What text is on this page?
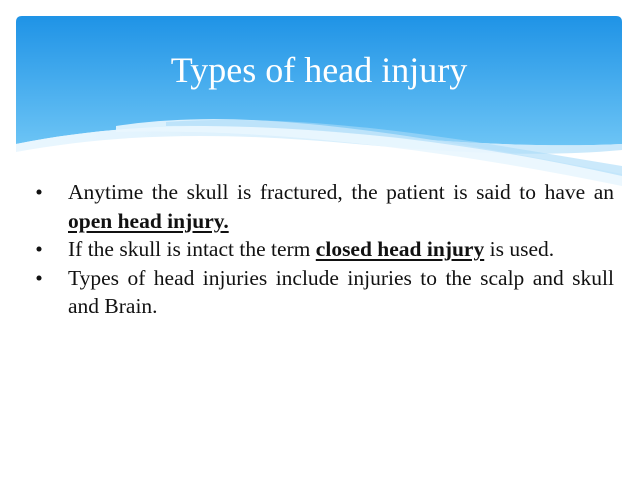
Types of head injury
•	Anytime the skull is fractured, the patient is said to have an open head injury.
•	If the skull is intact the term closed head injury is used.
•	Types of head injuries include injuries to the scalp and skull and Brain.
